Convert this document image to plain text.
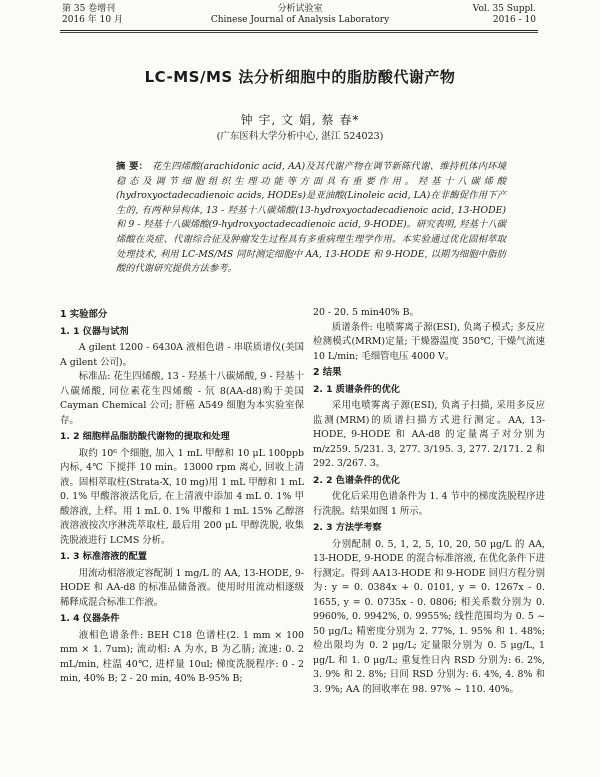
第 35 卷增刊
2016 年 10 月
分析试验室
Chinese Journal of Analysis Laboratory
Vol. 35 Suppl.
2016 - 10
LC-MS/MS 法分析细胞中的脂肪酸代谢产物
钟 宇, 文 娟, 蔡 春*
(广东医科大学分析中心, 湛江 524023)
摘 要： 花生四烯酸(arachidonic acid, AA)及其代谢产物在调节新陈代谢、维持机体内环境稳态及调节细胞组织生理功能等方面具有重要作用。羟基十八碳烯酸(hydroxyoctadecadienoic acids, HODEs)是亚油酸(Linoleic acid, LA)在非酶促作用下产生的, 有两种异构体, 13 - 羟基十八碳烯酸(13-hydroxyoctadecadienoic acid, 13-HODE)和 9 - 羟基十八碳烯酸(9-hydroxyoctadecadienoic acid, 9-HODE)。研究表明, 羟基十八碳烯酸在炎症、代谢综合征及肿瘤发生过程具有多重病理生理学作用。本实验通过优化固相萃取处理技术, 利用 LC-MS/MS 同时测定细胞中 AA, 13-HODE 和 9-HODE, 以期为细胞中脂肪酸的代谢研究提供方法参考。
1 实验部分
1. 1 仪器与试剂

A gilent 1200 - 6430A 液相色谱 - 串联质谱仪(美国 A gilent 公司)。

标准品: 花生四烯酸, 13 - 羟基十八碳烯酸, 9 - 羟基十八碳烯酸, 同位素花生四烯酸 - 氘 8(AA-d8)购于美国 Cayman Chemical 公司; 肝癌 A549 细胞为本实验室保存。

1. 2 细胞样品脂肪酸代谢物的提取和处理

取约 10⁶ 个细胞, 加入 1 mL 甲醇和 10 μL 100ppb 内标, 4℃ 下搅拌 10 min。13000 rpm 离心, 回收上清液。固相萃取柱(Strata-X, 10 mg)用 1 mL 甲醇和 1 mL 0. 1% 甲酸溶液活化后, 在上清液中添加 4 mL 0. 1% 甲酸溶液, 上样。用 1 mL 0. 1% 甲酸和 1 mL 15% 乙醇溶液溶液按次序淋洗萃取柱, 最后用 200 μL 甲醇洗脱, 收集洗脱液进行 LCMS 分析。

1. 3 标准溶液的配置

用流动相溶液定容配制 1 mg/L 的 AA, 13-HODE, 9-HODE 和 AA-d8 的标准品储备液。使用时用流动相逐级稀释成混合标准工作液。

1. 4 仪器条件

液相色谱条件: BEH C18 色谱柱(2. 1 mm × 100 mm × 1. 7um); 流动相: A 为水, B 为乙腈; 流速: 0. 2 mL/min, 柱温 40℃, 进样量 10ul; 梯度洗脱程序: 0 - 2 min, 40% B; 2 - 20 min, 40% B-95% B;

20 - 20. 5 min40% B。

质谱条件: 电喷雾离子源(ESI), 负离子模式; 多反应检测模式(MRM)定量; 干燥器温度 350℃, 干燥气流速 10 L/min; 毛细管电压 4000 V。

2 结果
2. 1 质谱条件的优化

采用电喷雾离子源(ESI), 负离子扫描, 采用多反应监测(MRM)的质谱扫描方式进行测定。AA, 13-HODE, 9-HODE 和 AA-d8 的定量离子对分别为 m/z259. 5/231. 3, 277. 3/195. 3, 277. 2/171. 2 和 292. 3/267. 3。

2. 2 色谱条件的优化

优化后采用色谱条件为 1. 4 节中的梯度洗脱程序进行洗脱。结果如图 1 所示。

2. 3 方法学考察

分别配制 0. 5, 1, 2, 5, 10, 20, 50 μg/L 的 AA, 13-HODE, 9-HODE 的混合标准溶液, 在优化条件下进行测定。得到 AA13-HODE 和 9-HODE 回归方程分别为: y = 0. 0384x + 0. 0101, y = 0. 1267x - 0. 1655, y = 0. 0735x - 0. 0806; 相关系数分别为 0. 9960%, 0. 9942%, 0. 9955%; 线性范围均为 0. 5 ~ 50 μg/L; 精密度分别为 2. 77%, 1. 95% 和 1. 48%; 检出限均为 0. 2 μg/L; 定量限分别为 0. 5 μg/L, 1 μg/L 和 1. 0 μg/L; 重复性日内 RSD 分别为: 6. 2%, 3. 9% 和 2. 8%; 日间 RSD 分别为: 6. 4%, 4. 8% 和 3. 9%; AA 的回收率在 98. 97% ~ 110. 40%。
